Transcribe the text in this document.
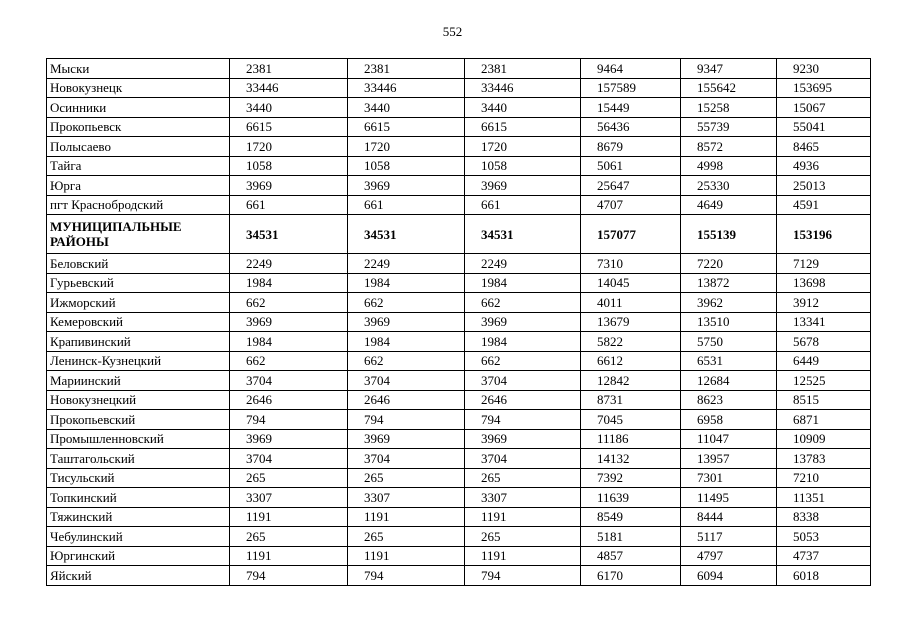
552
Мыски	2381	2381	2381	9464	9347	9230
Новокузнецк	33446	33446	33446	157589	155642	153695
Осинники	3440	3440	3440	15449	15258	15067
Прокопьевск	6615	6615	6615	56436	55739	55041
Полысаево	1720	1720	1720	8679	8572	8465
Тайга	1058	1058	1058	5061	4998	4936
Юрга	3969	3969	3969	25647	25330	25013
пгт Краснобродский	661	661	661	4707	4649	4591
МУНИЦИПАЛЬНЫЕ РАЙОНЫ	34531	34531	34531	157077	155139	153196
Беловский	2249	2249	2249	7310	7220	7129
Гурьевский	1984	1984	1984	14045	13872	13698
Ижморский	662	662	662	4011	3962	3912
Кемеровский	3969	3969	3969	13679	13510	13341
Крапивинский	1984	1984	1984	5822	5750	5678
Ленинск-Кузнецкий	662	662	662	6612	6531	6449
Мариинский	3704	3704	3704	12842	12684	12525
Новокузнецкий	2646	2646	2646	8731	8623	8515
Прокопьевский	794	794	794	7045	6958	6871
Промышленновский	3969	3969	3969	11186	11047	10909
Таштагольский	3704	3704	3704	14132	13957	13783
Тисульский	265	265	265	7392	7301	7210
Топкинский	3307	3307	3307	11639	11495	11351
Тяжинский	1191	1191	1191	8549	8444	8338
Чебулинский	265	265	265	5181	5117	5053
Юргинский	1191	1191	1191	4857	4797	4737
Яйский	794	794	794	6170	6094	6018
